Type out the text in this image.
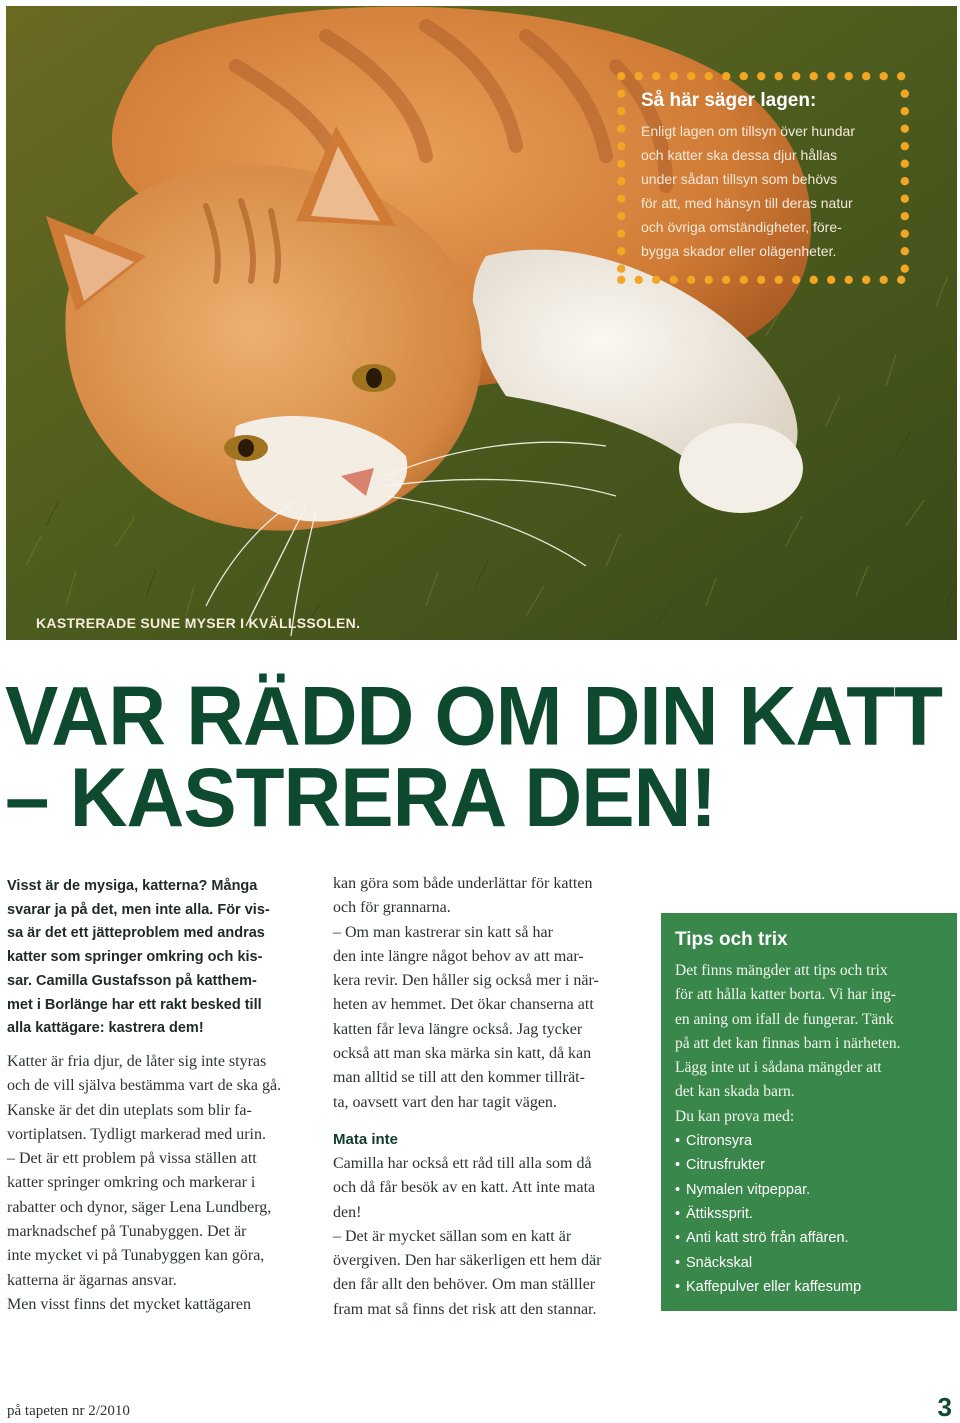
KASTRERADE SUNE MYSER I KVÄLLSSOLEN.
Så här säger lagen:
Enligt lagen om tillsyn över hundar
och katter ska dessa djur hållas
under sådan tillsyn som behövs
för att, med hänsyn till deras natur
och övriga omständigheter, före-
bygga skador eller olägenheter.
VAR RÄDD OM DIN KATT
– KASTRERA DEN!

Visst är de mysiga, katterna? Många
svarar ja på det, men inte alla. För vis-
sa är det ett jätteproblem med andras
katter som springer omkring och kis-
sar. Camilla Gustafsson på katthem-
met i Borlänge har ett rakt besked till
alla kattägare: kastrera dem!

Katter är fria djur, de låter sig inte styras
och de vill själva bestämma vart de ska gå.
Kanske är det din uteplats som blir fa-
vortiplatsen. Tydligt markerad med urin.
– Det är ett problem på vissa ställen att
katter springer omkring och markerar i
rabatter och dynor, säger Lena Lundberg,
marknadschef på Tunabyggen. Det är
inte mycket vi på Tunabyggen kan göra,
katterna är ägarnas ansvar.
Men visst finns det mycket kattägaren

kan göra som både underlättar för katten
och för grannarna.
– Om man kastrerar sin katt så har
den inte längre något behov av att mar-
kera revir. Den håller sig också mer i när-
heten av hemmet. Det ökar chanserna att
katten får leva längre också. Jag tycker
också att man ska märka sin katt, då kan
man alltid se till att den kommer tillrät-
ta, oavsett vart den har tagit vägen.

Mata inte

Camilla har också ett råd till alla som då
och då får besök av en katt. Att inte mata
den!
– Det är mycket sällan som en katt är
övergiven. Den har säkerligen ett hem där
den får allt den behöver. Om man ställler
fram mat så finns det risk att den stannar.

Tips och trix
Det finns mängder att tips och trix
för att hålla katter borta. Vi har ing-
en aning om ifall de fungerar. Tänk
på att det kan finnas barn i närheten.
Lägg inte ut i sådana mängder att
det kan skada barn.
Du kan prova med:
• Citronsyra
• Citrusfrukter
• Nymalen vitpeppar.
• Ättikssprit.
• Anti katt strö från affären.
• Snäckskal
• Kaffepulver eller kaffesump
på tapeten nr 2/2010	3
